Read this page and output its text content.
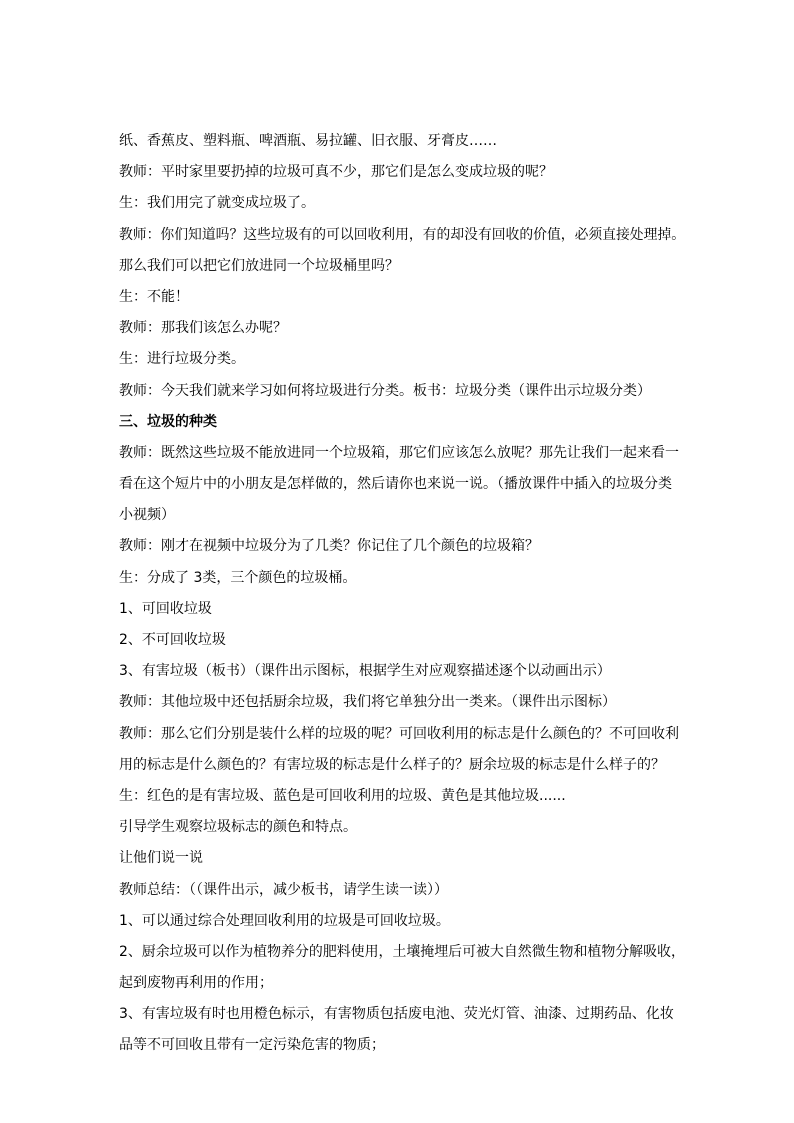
纸、香蕉皮、塑料瓶、啤酒瓶、易拉罐、旧衣服、牙膏皮……
教师：平时家里要扔掉的垃圾可真不少，那它们是怎么变成垃圾的呢？
生：我们用完了就变成垃圾了。
教师：你们知道吗？这些垃圾有的可以回收利用，有的却没有回收的价值，必须直接处理掉。
那么我们可以把它们放进同一个垃圾桶里吗？
生：不能！
教师：那我们该怎么办呢？
生：进行垃圾分类。
教师：今天我们就来学习如何将垃圾进行分类。板书：垃圾分类（课件出示垃圾分类）
三、垃圾的种类
教师：既然这些垃圾不能放进同一个垃圾箱，那它们应该怎么放呢？那先让我们一起来看一
看在这个短片中的小朋友是怎样做的，然后请你也来说一说。（播放课件中插入的垃圾分类
小视频）
教师：刚才在视频中垃圾分为了几类？你记住了几个颜色的垃圾箱？
生：分成了 3类，三个颜色的垃圾桶。
1、可回收垃圾
2、不可回收垃圾
3、有害垃圾（板书）（课件出示图标，根据学生对应观察描述逐个以动画出示）
教师：其他垃圾中还包括厨余垃圾，我们将它单独分出一类来。（课件出示图标）
教师：那么它们分别是装什么样的垃圾的呢？可回收利用的标志是什么颜色的？不可回收利
用的标志是什么颜色的？有害垃圾的标志是什么样子的？厨余垃圾的标志是什么样子的？
生：红色的是有害垃圾、蓝色是可回收利用的垃圾、黄色是其他垃圾......
引导学生观察垃圾标志的颜色和特点。
让他们说一说
教师总结：（（课件出示，减少板书，请学生读一读））
1、可以通过综合处理回收利用的垃圾是可回收垃圾。
2、厨余垃圾可以作为植物养分的肥料使用，土壤掩埋后可被大自然微生物和植物分解吸收，
起到废物再利用的作用；
3、有害垃圾有时也用橙色标示，有害物质包括废电池、荧光灯管、油漆、过期药品、化妆
品等不可回收且带有一定污染危害的物质；
